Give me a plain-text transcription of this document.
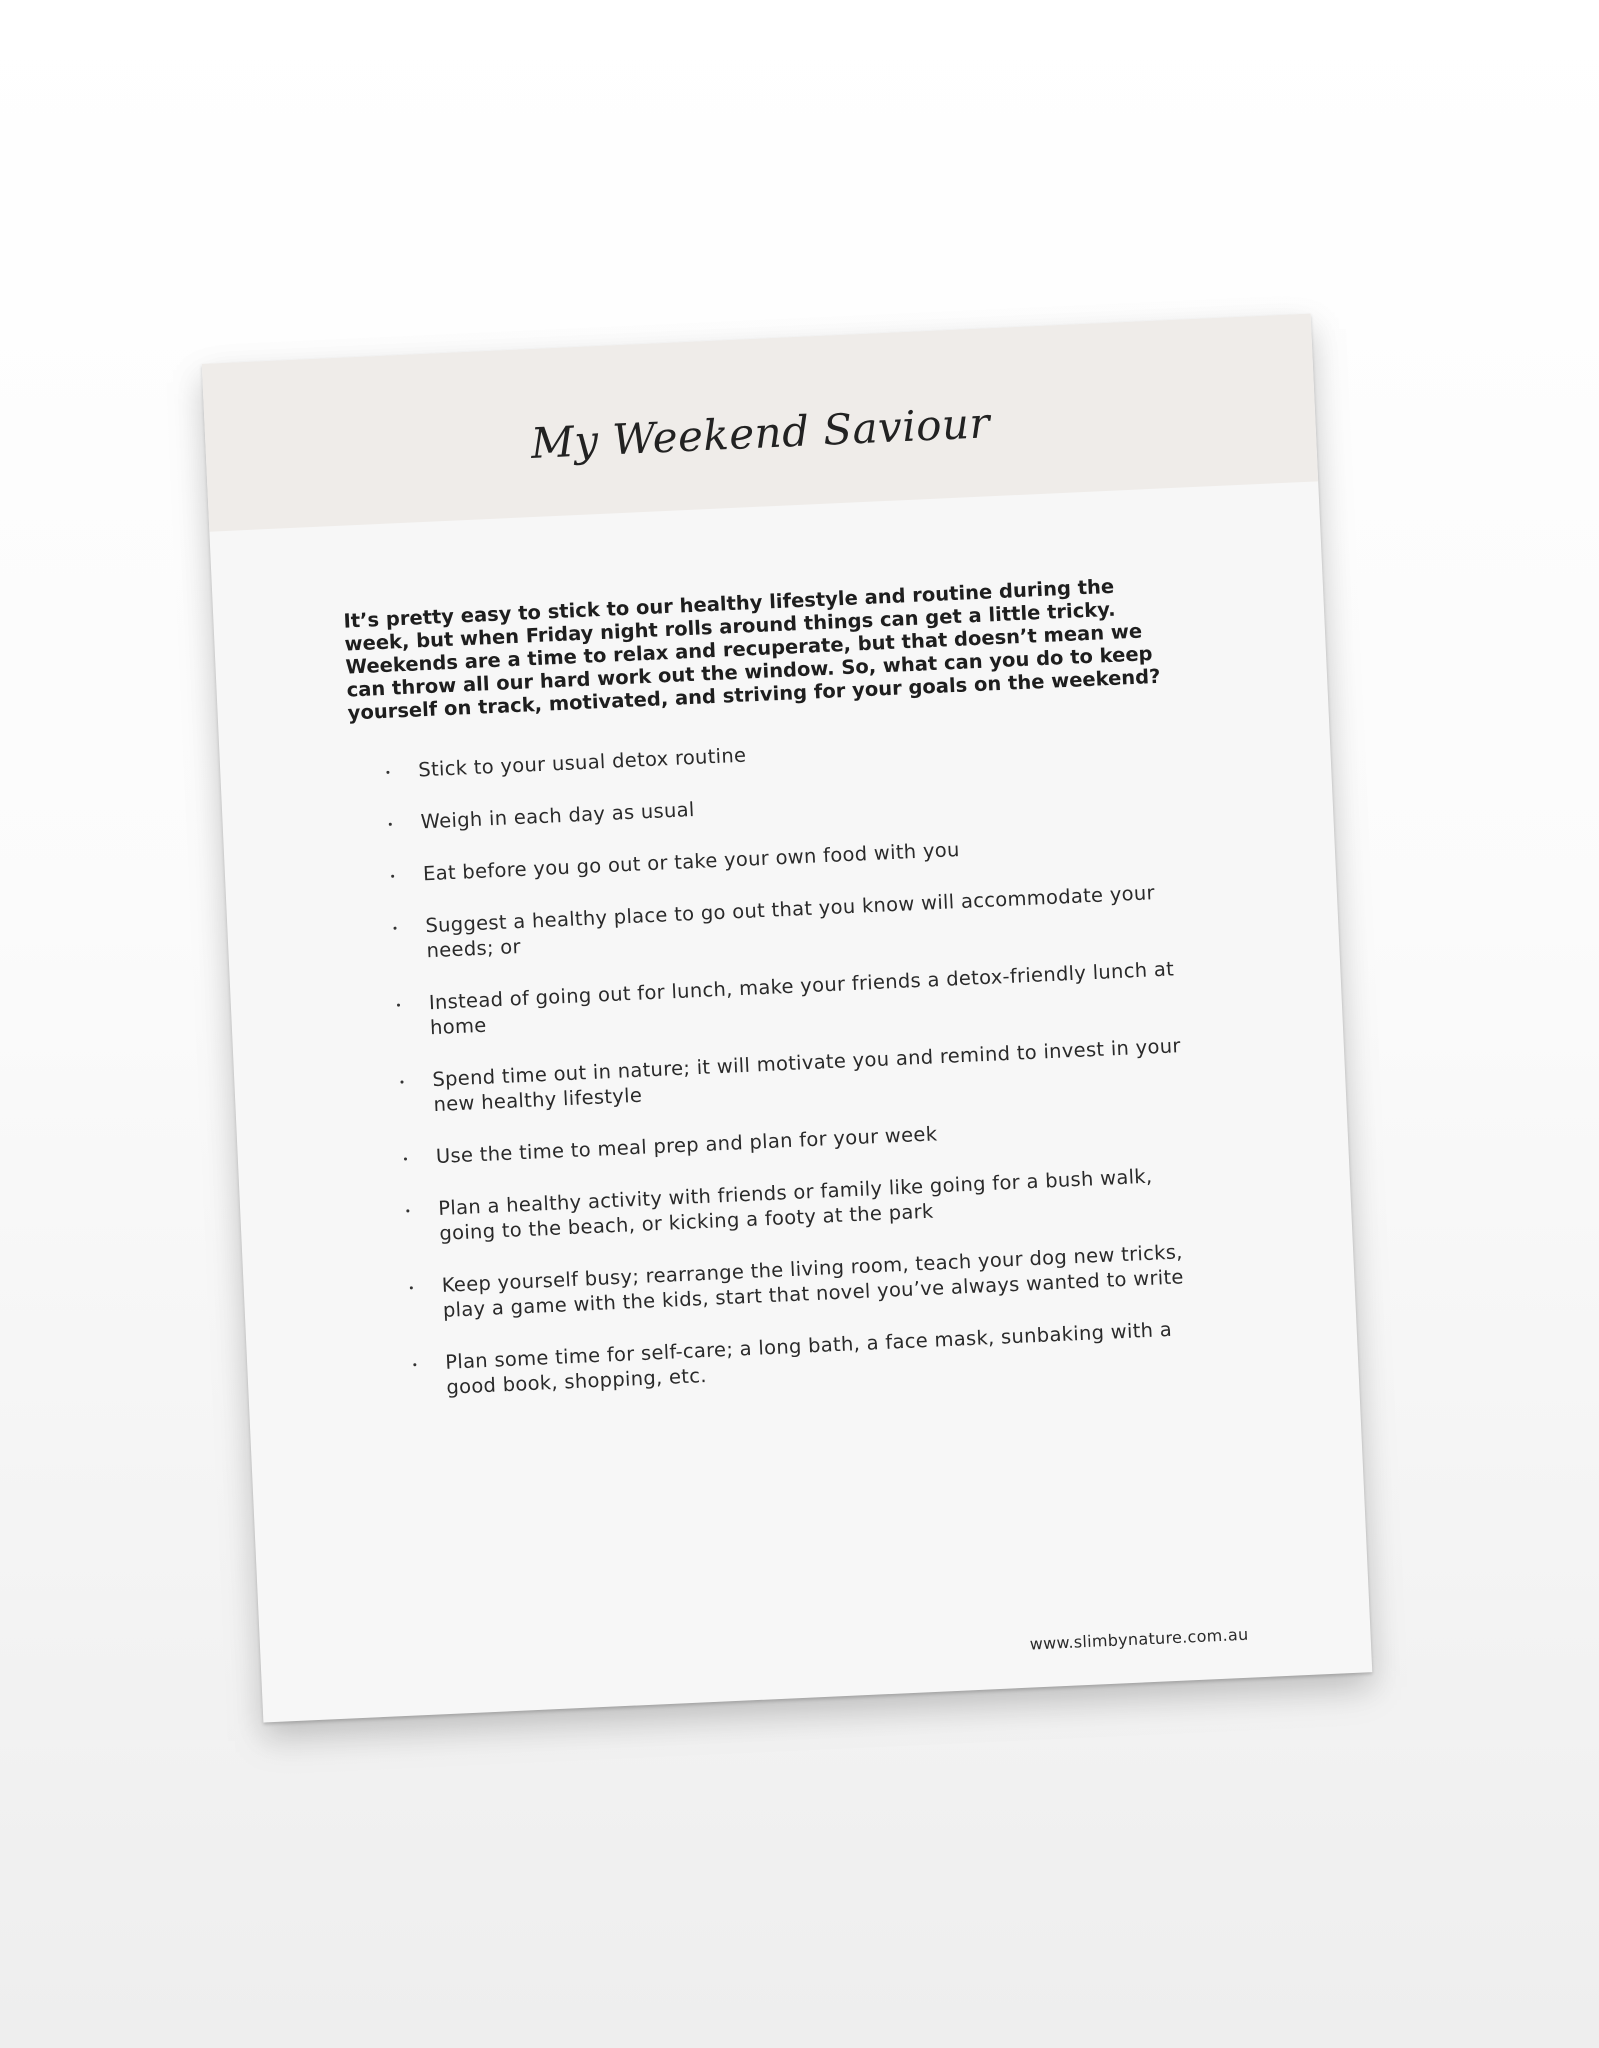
My Weekend Saviour

It’s pretty easy to stick to our healthy lifestyle and routine during the week, but when Friday night rolls around things can get a little tricky. Weekends are a time to relax and recuperate, but that doesn’t mean we can throw all our hard work out the window. So, what can you do to keep yourself on track, motivated, and striving for your goals on the weekend?

Stick to your usual detox routine
Weigh in each day as usual
Eat before you go out or take your own food with you
Suggest a healthy place to go out that you know will accommodate your needs; or
Instead of going out for lunch, make your friends a detox-friendly lunch at home
Spend time out in nature; it will motivate you and remind to invest in your new healthy lifestyle
Use the time to meal prep and plan for your week
Plan a healthy activity with friends or family like going for a bush walk, going to the beach, or kicking a footy at the park
Keep yourself busy; rearrange the living room, teach your dog new tricks, play a game with the kids, start that novel you’ve always wanted to write
Plan some time for self-care; a long bath, a face mask, sunbaking with a good book, shopping, etc.
www.slimbynature.com.au
